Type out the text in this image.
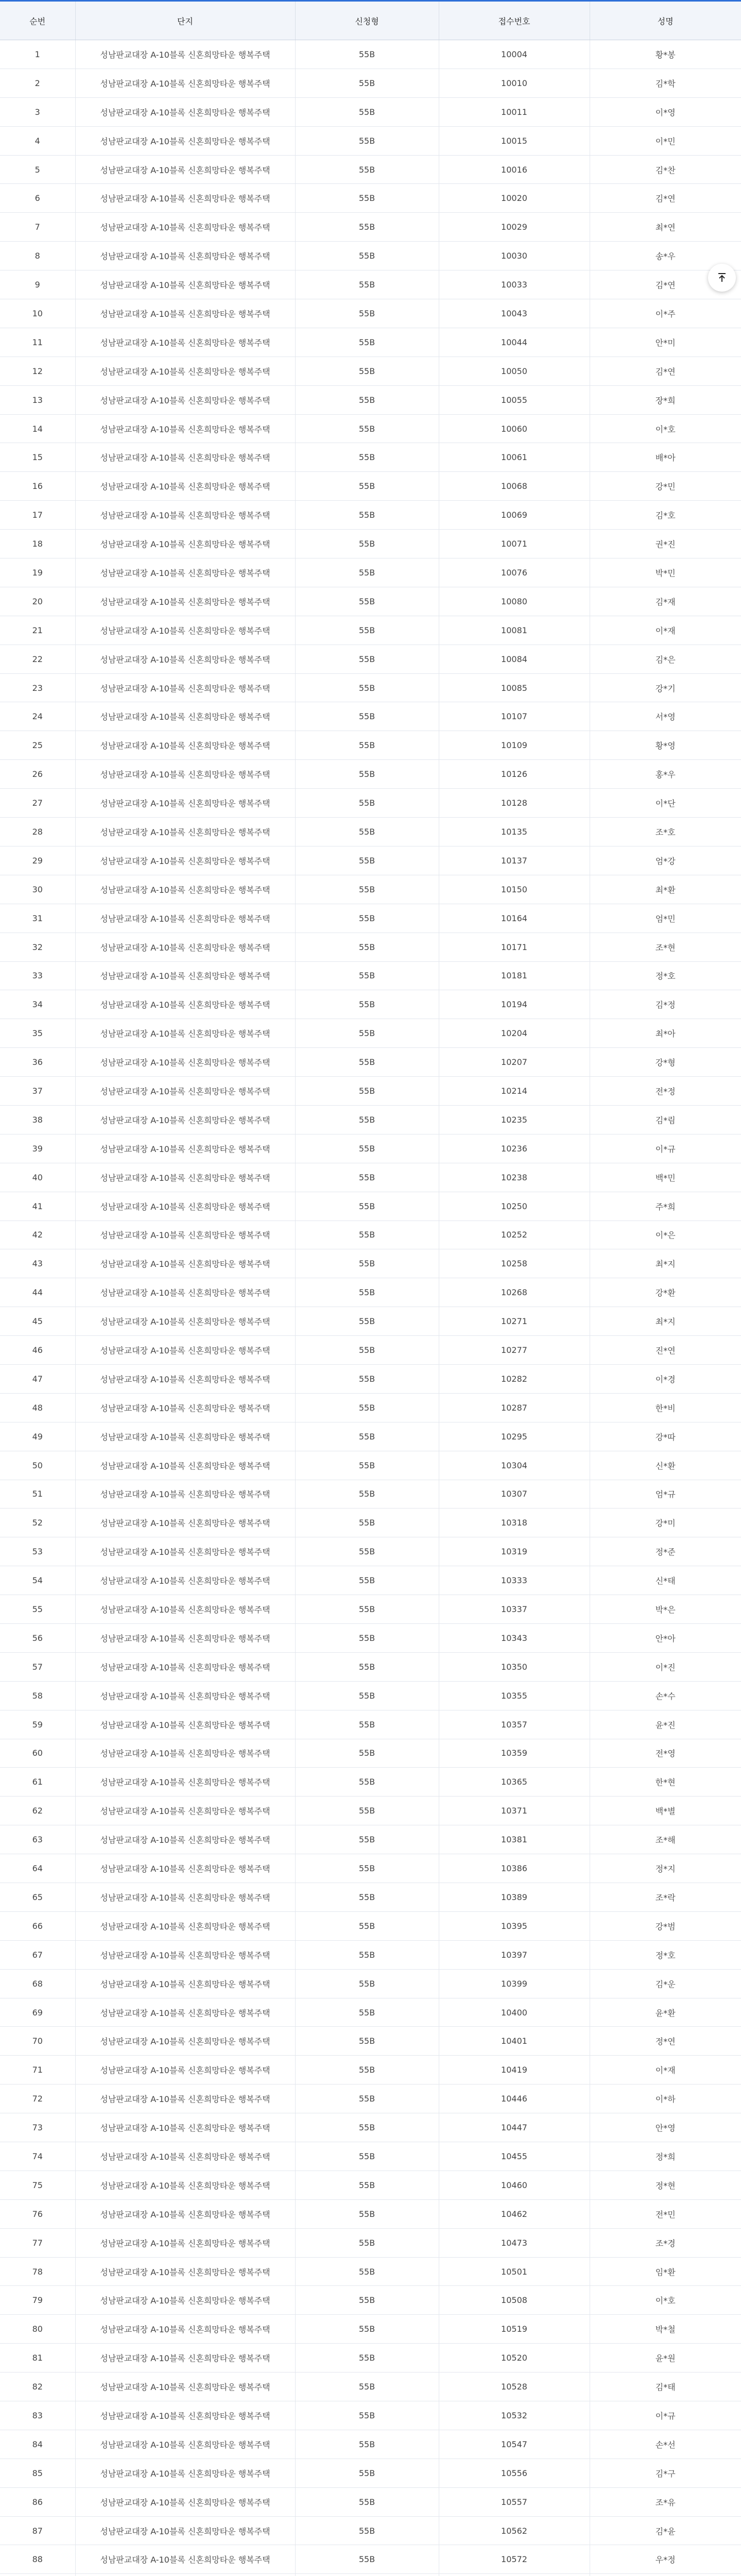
순번	단지	신청형	접수번호	성명
1	성남판교대장 A-10블록 신혼희망타운 행복주택	55B	10004	황*봉
2	성남판교대장 A-10블록 신혼희망타운 행복주택	55B	10010	김*학
3	성남판교대장 A-10블록 신혼희망타운 행복주택	55B	10011	이*영
4	성남판교대장 A-10블록 신혼희망타운 행복주택	55B	10015	이*민
5	성남판교대장 A-10블록 신혼희망타운 행복주택	55B	10016	김*찬
6	성남판교대장 A-10블록 신혼희망타운 행복주택	55B	10020	김*연
7	성남판교대장 A-10블록 신혼희망타운 행복주택	55B	10029	최*연
8	성남판교대장 A-10블록 신혼희망타운 행복주택	55B	10030	송*우
9	성남판교대장 A-10블록 신혼희망타운 행복주택	55B	10033	김*연
10	성남판교대장 A-10블록 신혼희망타운 행복주택	55B	10043	이*주
11	성남판교대장 A-10블록 신혼희망타운 행복주택	55B	10044	안*미
12	성남판교대장 A-10블록 신혼희망타운 행복주택	55B	10050	김*연
13	성남판교대장 A-10블록 신혼희망타운 행복주택	55B	10055	장*희
14	성남판교대장 A-10블록 신혼희망타운 행복주택	55B	10060	이*호
15	성남판교대장 A-10블록 신혼희망타운 행복주택	55B	10061	배*아
16	성남판교대장 A-10블록 신혼희망타운 행복주택	55B	10068	강*민
17	성남판교대장 A-10블록 신혼희망타운 행복주택	55B	10069	김*호
18	성남판교대장 A-10블록 신혼희망타운 행복주택	55B	10071	권*진
19	성남판교대장 A-10블록 신혼희망타운 행복주택	55B	10076	박*민
20	성남판교대장 A-10블록 신혼희망타운 행복주택	55B	10080	김*재
21	성남판교대장 A-10블록 신혼희망타운 행복주택	55B	10081	이*재
22	성남판교대장 A-10블록 신혼희망타운 행복주택	55B	10084	김*은
23	성남판교대장 A-10블록 신혼희망타운 행복주택	55B	10085	강*기
24	성남판교대장 A-10블록 신혼희망타운 행복주택	55B	10107	서*영
25	성남판교대장 A-10블록 신혼희망타운 행복주택	55B	10109	황*영
26	성남판교대장 A-10블록 신혼희망타운 행복주택	55B	10126	홍*우
27	성남판교대장 A-10블록 신혼희망타운 행복주택	55B	10128	이*단
28	성남판교대장 A-10블록 신혼희망타운 행복주택	55B	10135	조*호
29	성남판교대장 A-10블록 신혼희망타운 행복주택	55B	10137	엄*강
30	성남판교대장 A-10블록 신혼희망타운 행복주택	55B	10150	최*환
31	성남판교대장 A-10블록 신혼희망타운 행복주택	55B	10164	엄*민
32	성남판교대장 A-10블록 신혼희망타운 행복주택	55B	10171	조*현
33	성남판교대장 A-10블록 신혼희망타운 행복주택	55B	10181	정*호
34	성남판교대장 A-10블록 신혼희망타운 행복주택	55B	10194	김*정
35	성남판교대장 A-10블록 신혼희망타운 행복주택	55B	10204	최*아
36	성남판교대장 A-10블록 신혼희망타운 행복주택	55B	10207	강*형
37	성남판교대장 A-10블록 신혼희망타운 행복주택	55B	10214	전*정
38	성남판교대장 A-10블록 신혼희망타운 행복주택	55B	10235	김*림
39	성남판교대장 A-10블록 신혼희망타운 행복주택	55B	10236	이*규
40	성남판교대장 A-10블록 신혼희망타운 행복주택	55B	10238	백*민
41	성남판교대장 A-10블록 신혼희망타운 행복주택	55B	10250	주*희
42	성남판교대장 A-10블록 신혼희망타운 행복주택	55B	10252	이*은
43	성남판교대장 A-10블록 신혼희망타운 행복주택	55B	10258	최*지
44	성남판교대장 A-10블록 신혼희망타운 행복주택	55B	10268	강*환
45	성남판교대장 A-10블록 신혼희망타운 행복주택	55B	10271	최*지
46	성남판교대장 A-10블록 신혼희망타운 행복주택	55B	10277	진*연
47	성남판교대장 A-10블록 신혼희망타운 행복주택	55B	10282	이*경
48	성남판교대장 A-10블록 신혼희망타운 행복주택	55B	10287	한*비
49	성남판교대장 A-10블록 신혼희망타운 행복주택	55B	10295	강*따
50	성남판교대장 A-10블록 신혼희망타운 행복주택	55B	10304	신*환
51	성남판교대장 A-10블록 신혼희망타운 행복주택	55B	10307	엄*규
52	성남판교대장 A-10블록 신혼희망타운 행복주택	55B	10318	강*미
53	성남판교대장 A-10블록 신혼희망타운 행복주택	55B	10319	정*준
54	성남판교대장 A-10블록 신혼희망타운 행복주택	55B	10333	신*태
55	성남판교대장 A-10블록 신혼희망타운 행복주택	55B	10337	박*은
56	성남판교대장 A-10블록 신혼희망타운 행복주택	55B	10343	안*아
57	성남판교대장 A-10블록 신혼희망타운 행복주택	55B	10350	이*진
58	성남판교대장 A-10블록 신혼희망타운 행복주택	55B	10355	손*수
59	성남판교대장 A-10블록 신혼희망타운 행복주택	55B	10357	윤*진
60	성남판교대장 A-10블록 신혼희망타운 행복주택	55B	10359	전*영
61	성남판교대장 A-10블록 신혼희망타운 행복주택	55B	10365	한*현
62	성남판교대장 A-10블록 신혼희망타운 행복주택	55B	10371	백*별
63	성남판교대장 A-10블록 신혼희망타운 행복주택	55B	10381	조*해
64	성남판교대장 A-10블록 신혼희망타운 행복주택	55B	10386	정*지
65	성남판교대장 A-10블록 신혼희망타운 행복주택	55B	10389	조*락
66	성남판교대장 A-10블록 신혼희망타운 행복주택	55B	10395	강*범
67	성남판교대장 A-10블록 신혼희망타운 행복주택	55B	10397	정*호
68	성남판교대장 A-10블록 신혼희망타운 행복주택	55B	10399	김*운
69	성남판교대장 A-10블록 신혼희망타운 행복주택	55B	10400	윤*환
70	성남판교대장 A-10블록 신혼희망타운 행복주택	55B	10401	정*연
71	성남판교대장 A-10블록 신혼희망타운 행복주택	55B	10419	이*재
72	성남판교대장 A-10블록 신혼희망타운 행복주택	55B	10446	이*하
73	성남판교대장 A-10블록 신혼희망타운 행복주택	55B	10447	안*영
74	성남판교대장 A-10블록 신혼희망타운 행복주택	55B	10455	정*희
75	성남판교대장 A-10블록 신혼희망타운 행복주택	55B	10460	정*현
76	성남판교대장 A-10블록 신혼희망타운 행복주택	55B	10462	전*민
77	성남판교대장 A-10블록 신혼희망타운 행복주택	55B	10473	조*경
78	성남판교대장 A-10블록 신혼희망타운 행복주택	55B	10501	임*환
79	성남판교대장 A-10블록 신혼희망타운 행복주택	55B	10508	이*호
80	성남판교대장 A-10블록 신혼희망타운 행복주택	55B	10519	박*철
81	성남판교대장 A-10블록 신혼희망타운 행복주택	55B	10520	윤*원
82	성남판교대장 A-10블록 신혼희망타운 행복주택	55B	10528	김*태
83	성남판교대장 A-10블록 신혼희망타운 행복주택	55B	10532	이*규
84	성남판교대장 A-10블록 신혼희망타운 행복주택	55B	10547	손*선
85	성남판교대장 A-10블록 신혼희망타운 행복주택	55B	10556	김*구
86	성남판교대장 A-10블록 신혼희망타운 행복주택	55B	10557	조*유
87	성남판교대장 A-10블록 신혼희망타운 행복주택	55B	10562	김*윤
88	성남판교대장 A-10블록 신혼희망타운 행복주택	55B	10572	우*정
